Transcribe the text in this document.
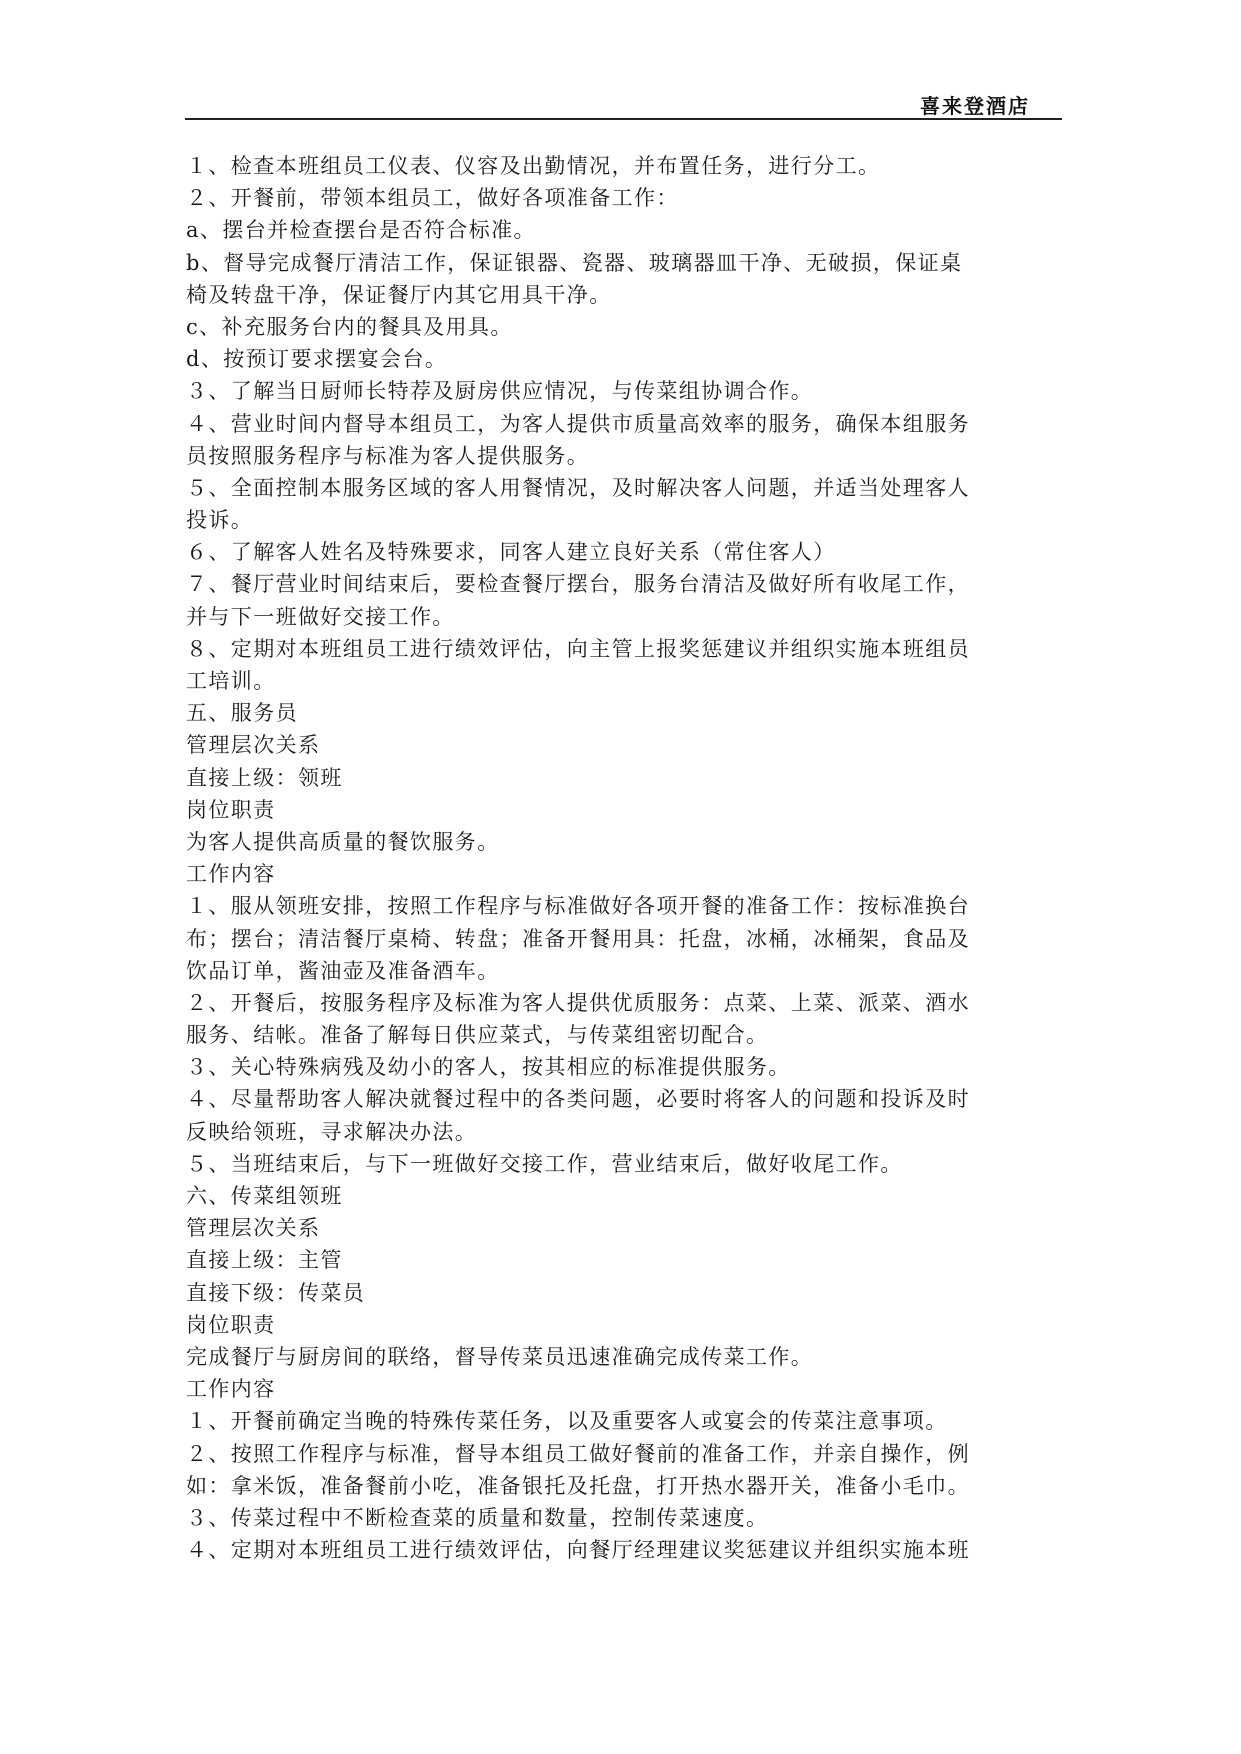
喜来登酒店
１、检查本班组员工仪表、仪容及出勤情况，并布置任务，进行分工。
２、开餐前，带领本组员工，做好各项准备工作：
a、摆台并检查摆台是否符合标准。
b、督导完成餐厅清洁工作，保证银器、瓷器、玻璃器皿干净、无破损，保证桌
椅及转盘干净，保证餐厅内其它用具干净。
c、补充服务台内的餐具及用具。
d、按预订要求摆宴会台。
３、了解当日厨师长特荐及厨房供应情况，与传菜组协调合作。
４、营业时间内督导本组员工，为客人提供市质量高效率的服务，确保本组服务
员按照服务程序与标准为客人提供服务。
５、全面控制本服务区域的客人用餐情况，及时解决客人问题，并适当处理客人
投诉。
６、了解客人姓名及特殊要求，同客人建立良好关系（常住客人）
７、餐厅营业时间结束后，要检查餐厅摆台，服务台清洁及做好所有收尾工作，
并与下一班做好交接工作。
８、定期对本班组员工进行绩效评估，向主管上报奖惩建议并组织实施本班组员
工培训。
五、服务员
管理层次关系
直接上级：领班
岗位职责
为客人提供高质量的餐饮服务。
工作内容
１、服从领班安排，按照工作程序与标准做好各项开餐的准备工作：按标准换台
布；摆台；清洁餐厅桌椅、转盘；准备开餐用具：托盘，冰桶，冰桶架，食品及
饮品订单，酱油壶及准备酒车。
２、开餐后，按服务程序及标准为客人提供优质服务：点菜、上菜、派菜、酒水
服务、结帐。准备了解每日供应菜式，与传菜组密切配合。
３、关心特殊病残及幼小的客人，按其相应的标准提供服务。
４、尽量帮助客人解决就餐过程中的各类问题，必要时将客人的问题和投诉及时
反映给领班，寻求解决办法。
５、当班结束后，与下一班做好交接工作，营业结束后，做好收尾工作。
六、传菜组领班
管理层次关系
直接上级：主管
直接下级：传菜员
岗位职责
完成餐厅与厨房间的联络，督导传菜员迅速准确完成传菜工作。
工作内容
１、开餐前确定当晚的特殊传菜任务，以及重要客人或宴会的传菜注意事项。
２、按照工作程序与标准，督导本组员工做好餐前的准备工作，并亲自操作，例
如：拿米饭，准备餐前小吃，准备银托及托盘，打开热水器开关，准备小毛巾。
３、传菜过程中不断检查菜的质量和数量，控制传菜速度。
４、定期对本班组员工进行绩效评估，向餐厅经理建议奖惩建议并组织实施本班
